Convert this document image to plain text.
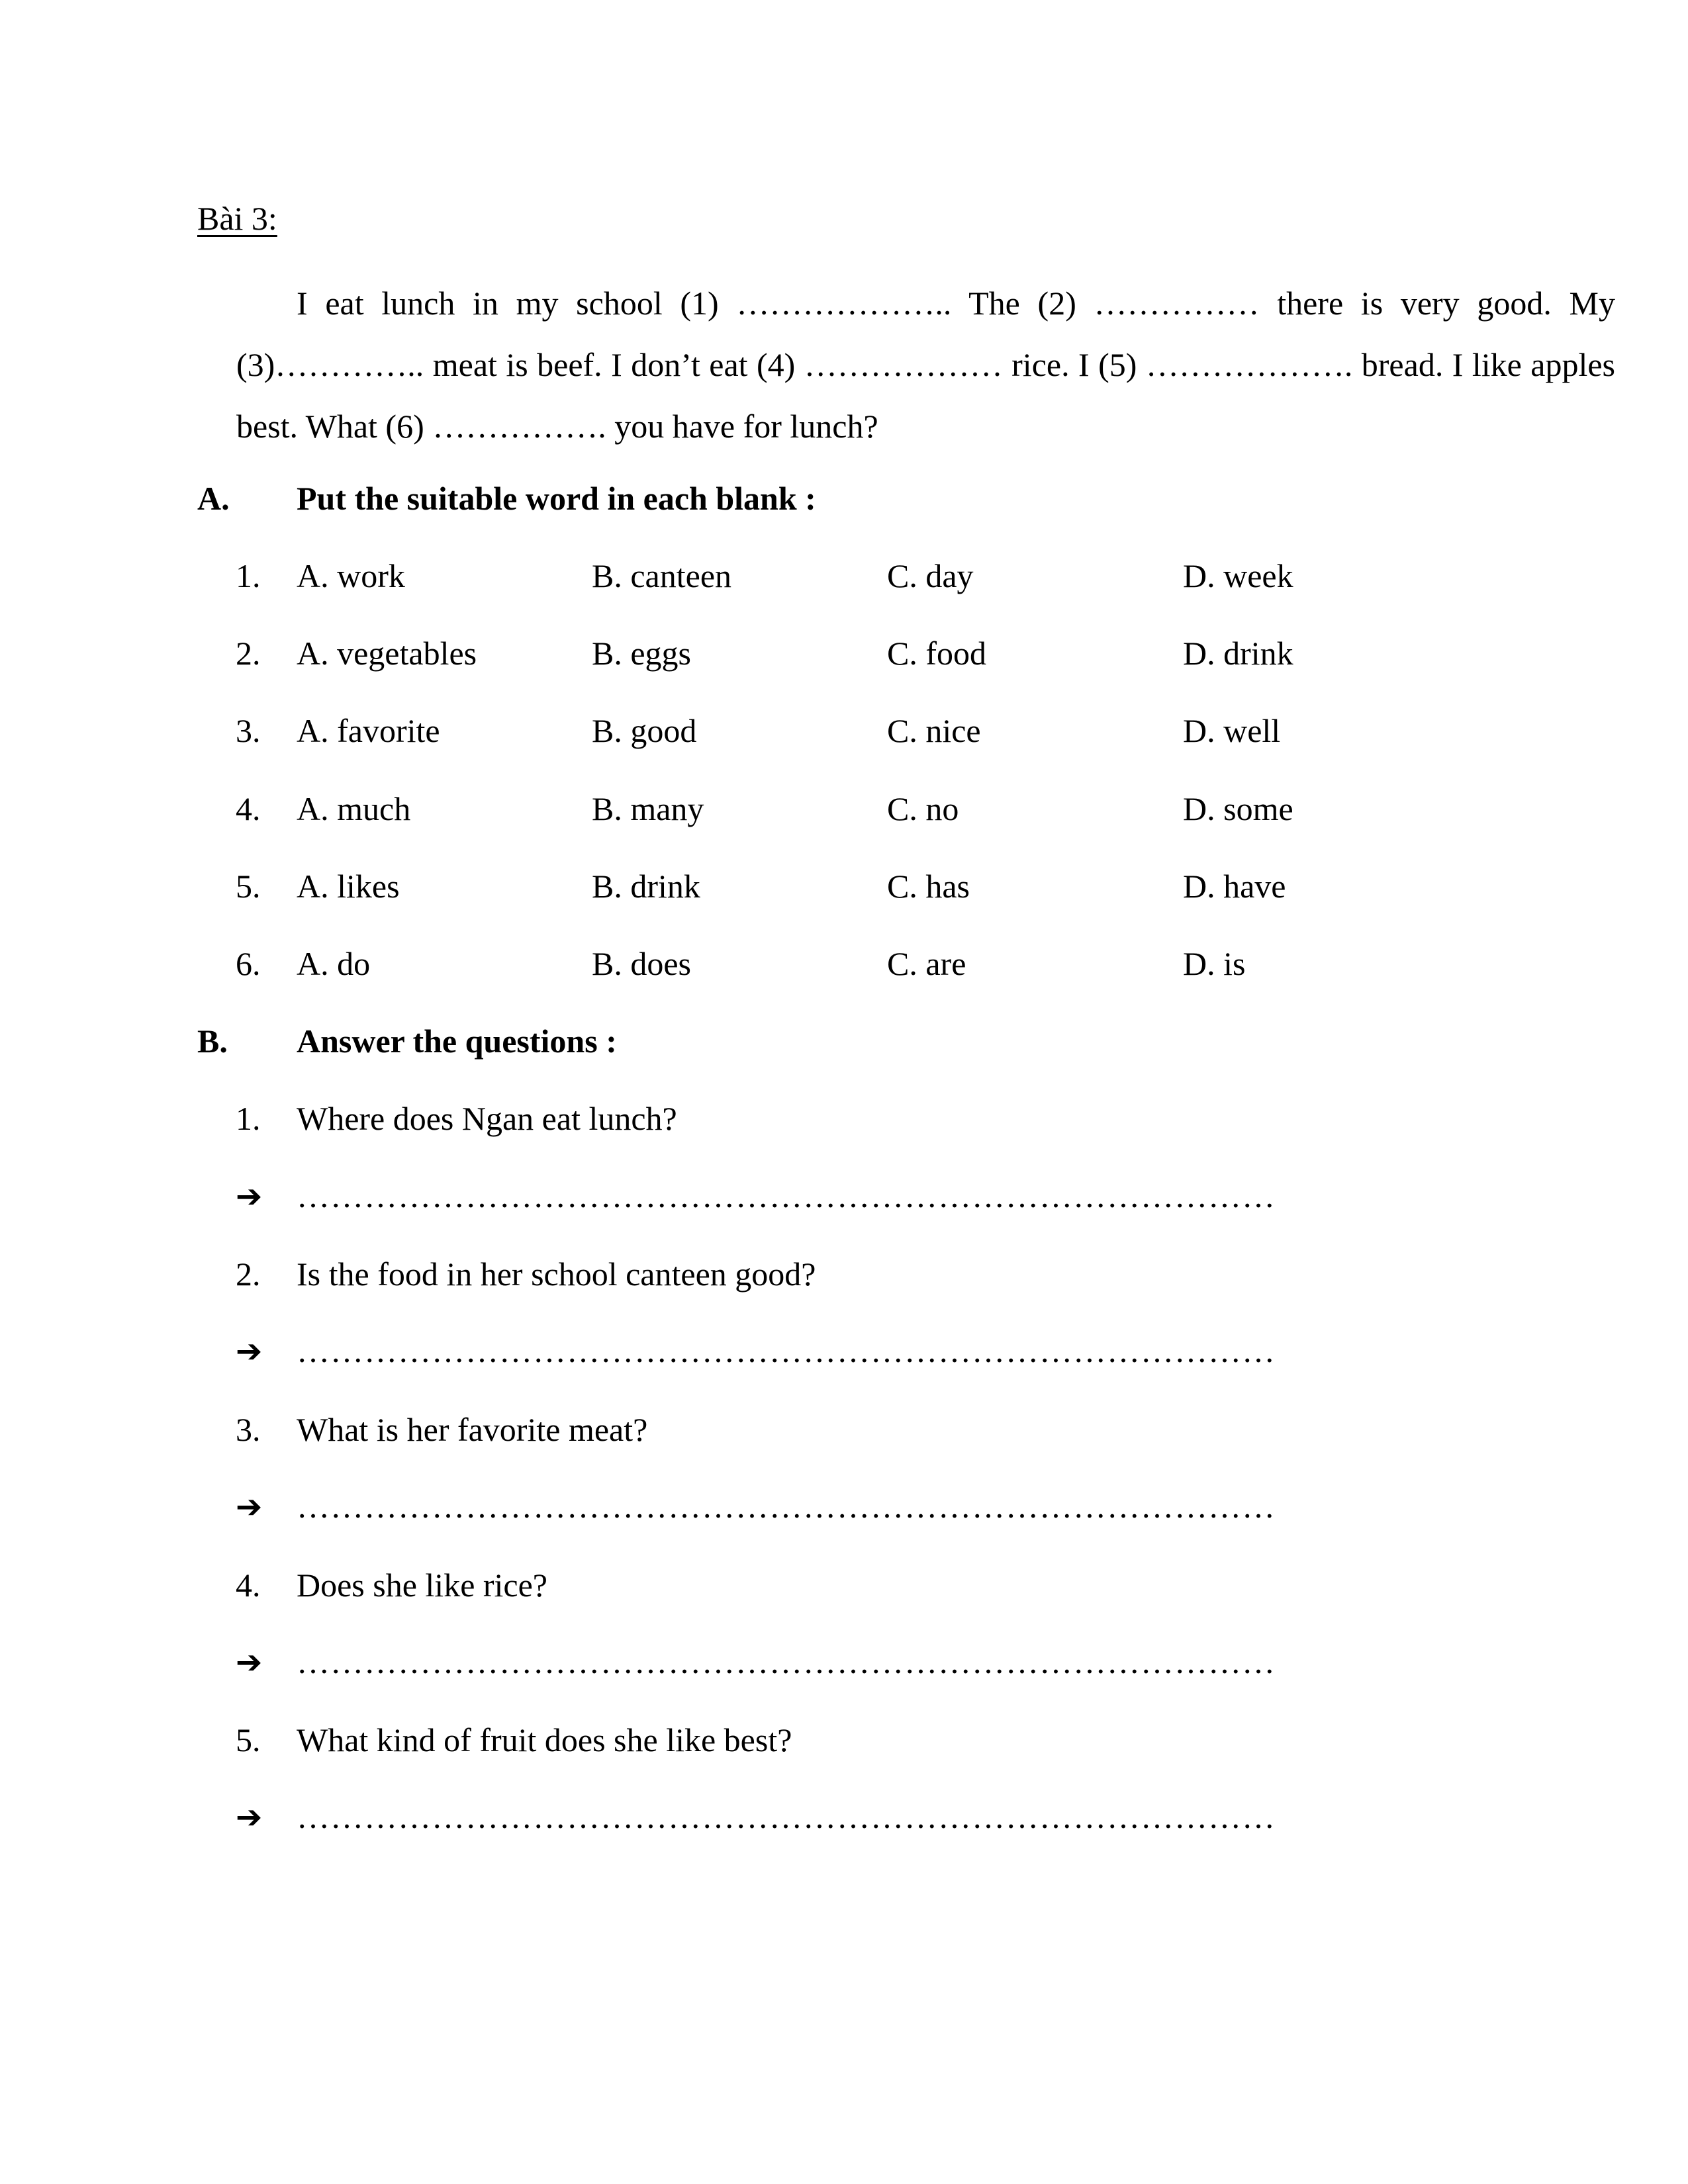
Bài 3:
I eat lunch in my school (1) ……………….. The (2) …………… there is very good. My (3)………….. meat is beef. I don’t eat (4) ……………… rice. I (5) ………………. bread. I like apples best. What (6) ……………. you have for lunch?
A. Put the suitable word in each blank :
1. A. work	B. canteen	C. day	D. week
2. A. vegetables	B. eggs	C. food	D. drink
3. A. favorite	B. good	C. nice	D. well
4. A. much	B. many	C. no	D. some
5. A. likes	B. drink	C. has	D. have
6. A. do	B. does	C. are	D. is
B. Answer the questions :
1. Where does Ngan eat lunch?
➔ ……………………………………………………………………………
2. Is the food in her school canteen good?
➔ ……………………………………………………………………………
3. What is her favorite meat?
➔ ……………………………………………………………………………
4. Does she like rice?
➔ ……………………………………………………………………………
5. What kind of fruit does she like best?
➔ ……………………………………………………………………………
